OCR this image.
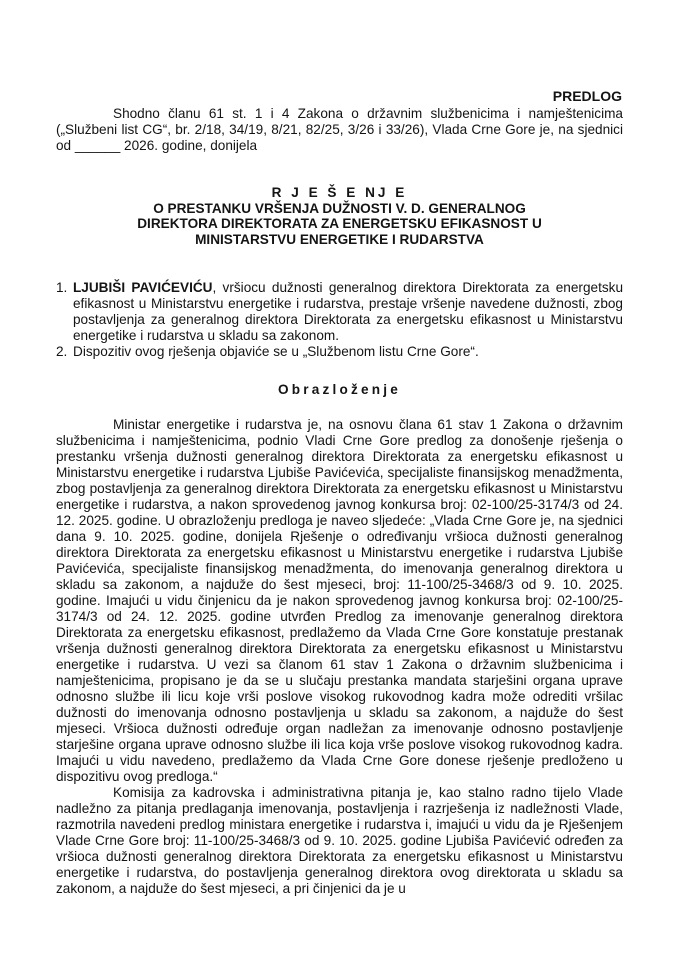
PREDLOG
Shodno članu 61 st. 1 i 4 Zakona o državnim službenicima i namještenicima („Službeni list CG“, br. 2/18, 34/19, 8/21, 82/25, 3/26 i 33/26), Vlada Crne Gore je, na sjednici od ______ 2026. godine, donijela
R J E Š E NJ E
O PRESTANKU VRŠENJA DUŽNOSTI V. D. GENERALNOG
DIREKTORA DIREKTORATA ZA ENERGETSKU EFIKASNOST U
MINISTARSTVU ENERGETIKE I RUDARSTVA
1. LJUBIŠI PAVIĆEVIĆU, vršiocu dužnosti generalnog direktora Direktorata za energetsku efikasnost u Ministarstvu energetike i rudarstva, prestaje vršenje navedene dužnosti, zbog postavljenja za generalnog direktora Direktorata za energetsku efikasnost u Ministarstvu energetike i rudarstva u skladu sa zakonom.
2. Dispozitiv ovog rješenja objaviće se u „Službenom listu Crne Gore“.
Obrazloženje
Ministar energetike i rudarstva je, na osnovu člana 61 stav 1 Zakona o državnim službenicima i namještenicima, podnio Vladi Crne Gore predlog za donošenje rješenja o prestanku vršenja dužnosti generalnog direktora Direktorata za energetsku efikasnost u Ministarstvu energetike i rudarstva Ljubiše Pavićevića, specijaliste finansijskog menadžmenta, zbog postavljenja za generalnog direktora Direktorata za energetsku efikasnost u Ministarstvu energetike i rudarstva, a nakon sprovedenog javnog konkursa broj: 02-100/25-3174/3 od 24. 12. 2025. godine. U obrazloženju predloga je naveo sljedeće: „Vlada Crne Gore je, na sjednici dana 9. 10. 2025. godine, donijela Rješenje o određivanju vršioca dužnosti generalnog direktora Direktorata za energetsku efikasnost u Ministarstvu energetike i rudarstva Ljubiše Pavićevića, specijaliste finansijskog menadžmenta, do imenovanja generalnog direktora u skladu sa zakonom, a najduže do šest mjeseci, broj: 11-100/25-3468/3 od 9. 10. 2025. godine. Imajući u vidu činjenicu da je nakon sprovedenog javnog konkursa broj: 02-100/25-3174/3 od 24. 12. 2025. godine utvrđen Predlog za imenovanje generalnog direktora Direktorata za energetsku efikasnost, predlažemo da Vlada Crne Gore konstatuje prestanak vršenja dužnosti generalnog direktora Direktorata za energetsku efikasnost u Ministarstvu energetike i rudarstva. U vezi sa članom 61 stav 1 Zakona o državnim službenicima i namještenicima, propisano je da se u slučaju prestanka mandata starješini organa uprave odnosno službe ili licu koje vrši poslove visokog rukovodnog kadra može odrediti vršilac dužnosti do imenovanja odnosno postavljenja u skladu sa zakonom, a najduže do šest mjeseci. Vršioca dužnosti određuje organ nadležan za imenovanje odnosno postavljenje starješine organa uprave odnosno službe ili lica koja vrše poslove visokog rukovodnog kadra. Imajući u vidu navedeno, predlažemo da Vlada Crne Gore donese rješenje predloženo u dispozitivu ovog predloga.“
Komisija za kadrovska i administrativna pitanja je, kao stalno radno tijelo Vlade nadležno za pitanja predlaganja imenovanja, postavljenja i razrješenja iz nadležnosti Vlade, razmotrila navedeni predlog ministara energetike i rudarstva i, imajući u vidu da je Rješenjem Vlade Crne Gore broj: 11-100/25-3468/3 od 9. 10. 2025. godine Ljubiša Pavićević određen za vršioca dužnosti generalnog direktora Direktorata za energetsku efikasnost u Ministarstvu energetike i rudarstva, do postavljenja generalnog direktora ovog direktorata u skladu sa zakonom, a najduže do šest mjeseci, a pri činjenici da je u
